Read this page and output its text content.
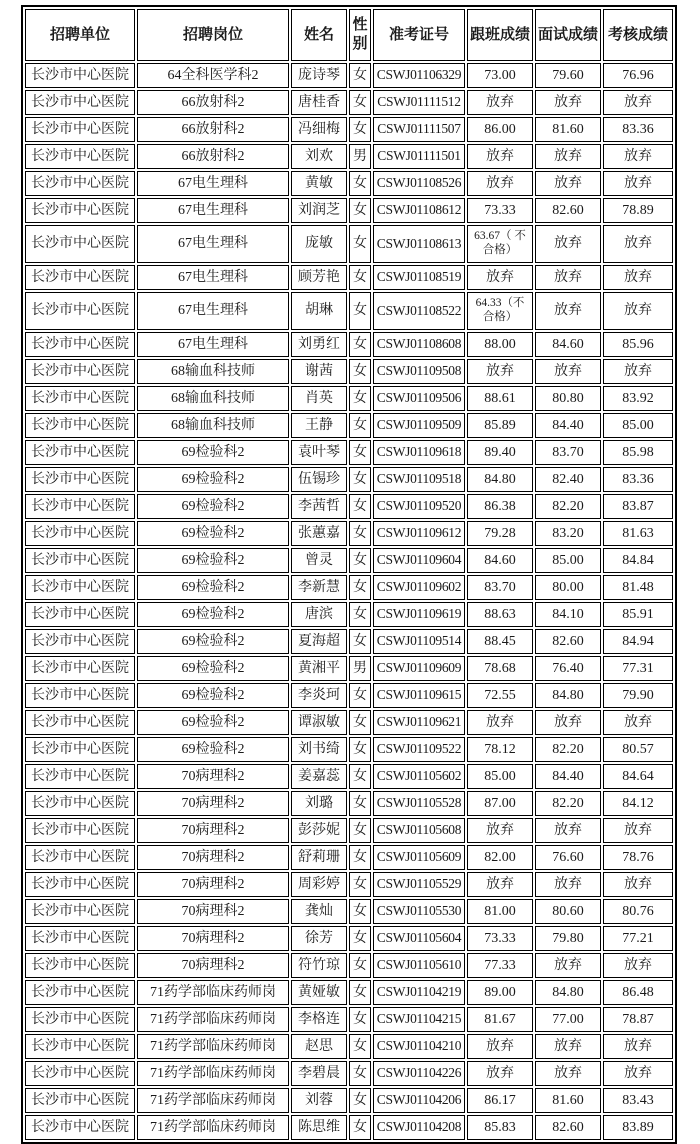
招聘单位	招聘岗位	姓名	性别	准考证号	跟班成绩	面试成绩	考核成绩
长沙市中心医院	64全科医学科2	庞诗琴	女	CSWJ01106329	73.00	79.60	76.96
长沙市中心医院	66放射科2	唐桂香	女	CSWJ01111512	放弃	放弃	放弃
长沙市中心医院	66放射科2	冯细梅	女	CSWJ01111507	86.00	81.60	83.36
长沙市中心医院	66放射科2	刘欢	男	CSWJ01111501	放弃	放弃	放弃
长沙市中心医院	67电生理科	黄敏	女	CSWJ01108526	放弃	放弃	放弃
长沙市中心医院	67电生理科	刘润芝	女	CSWJ01108612	73.33	82.60	78.89
长沙市中心医院	67电生理科	庞敏	女	CSWJ01108613	63.67（ 不合格）	放弃	放弃
长沙市中心医院	67电生理科	顾芳艳	女	CSWJ01108519	放弃	放弃	放弃
长沙市中心医院	67电生理科	胡琳	女	CSWJ01108522	64.33（不合格）	放弃	放弃
长沙市中心医院	67电生理科	刘勇红	女	CSWJ01108608	88.00	84.60	85.96
长沙市中心医院	68输血科技师	谢茜	女	CSWJ01109508	放弃	放弃	放弃
长沙市中心医院	68输血科技师	肖英	女	CSWJ01109506	88.61	80.80	83.92
长沙市中心医院	68输血科技师	王静	女	CSWJ01109509	85.89	84.40	85.00
长沙市中心医院	69检验科2	袁叶琴	女	CSWJ01109618	89.40	83.70	85.98
长沙市中心医院	69检验科2	伍锡珍	女	CSWJ01109518	84.80	82.40	83.36
长沙市中心医院	69检验科2	李茜哲	女	CSWJ01109520	86.38	82.20	83.87
长沙市中心医院	69检验科2	张蕙嘉	女	CSWJ01109612	79.28	83.20	81.63
长沙市中心医院	69检验科2	曾灵	女	CSWJ01109604	84.60	85.00	84.84
长沙市中心医院	69检验科2	李新慧	女	CSWJ01109602	83.70	80.00	81.48
长沙市中心医院	69检验科2	唐滨	女	CSWJ01109619	88.63	84.10	85.91
长沙市中心医院	69检验科2	夏海超	女	CSWJ01109514	88.45	82.60	84.94
长沙市中心医院	69检验科2	黄湘平	男	CSWJ01109609	78.68	76.40	77.31
长沙市中心医院	69检验科2	李炎珂	女	CSWJ01109615	72.55	84.80	79.90
长沙市中心医院	69检验科2	谭淑敏	女	CSWJ01109621	放弃	放弃	放弃
长沙市中心医院	69检验科2	刘书绮	女	CSWJ01109522	78.12	82.20	80.57
长沙市中心医院	70病理科2	姜嘉蕊	女	CSWJ01105602	85.00	84.40	84.64
长沙市中心医院	70病理科2	刘璐	女	CSWJ01105528	87.00	82.20	84.12
长沙市中心医院	70病理科2	彭莎妮	女	CSWJ01105608	放弃	放弃	放弃
长沙市中心医院	70病理科2	舒莉珊	女	CSWJ01105609	82.00	76.60	78.76
长沙市中心医院	70病理科2	周彩婷	女	CSWJ01105529	放弃	放弃	放弃
长沙市中心医院	70病理科2	龚灿	女	CSWJ01105530	81.00	80.60	80.76
长沙市中心医院	70病理科2	徐芳	女	CSWJ01105604	73.33	79.80	77.21
长沙市中心医院	70病理科2	符竹琼	女	CSWJ01105610	77.33	放弃	放弃
长沙市中心医院	71药学部临床药师岗	黄娅敏	女	CSWJ01104219	89.00	84.80	86.48
长沙市中心医院	71药学部临床药师岗	李格连	女	CSWJ01104215	81.67	77.00	78.87
长沙市中心医院	71药学部临床药师岗	赵思	女	CSWJ01104210	放弃	放弃	放弃
长沙市中心医院	71药学部临床药师岗	李碧晨	女	CSWJ01104226	放弃	放弃	放弃
长沙市中心医院	71药学部临床药师岗	刘蓉	女	CSWJ01104206	86.17	81.60	83.43
长沙市中心医院	71药学部临床药师岗	陈思维	女	CSWJ01104208	85.83	82.60	83.89
